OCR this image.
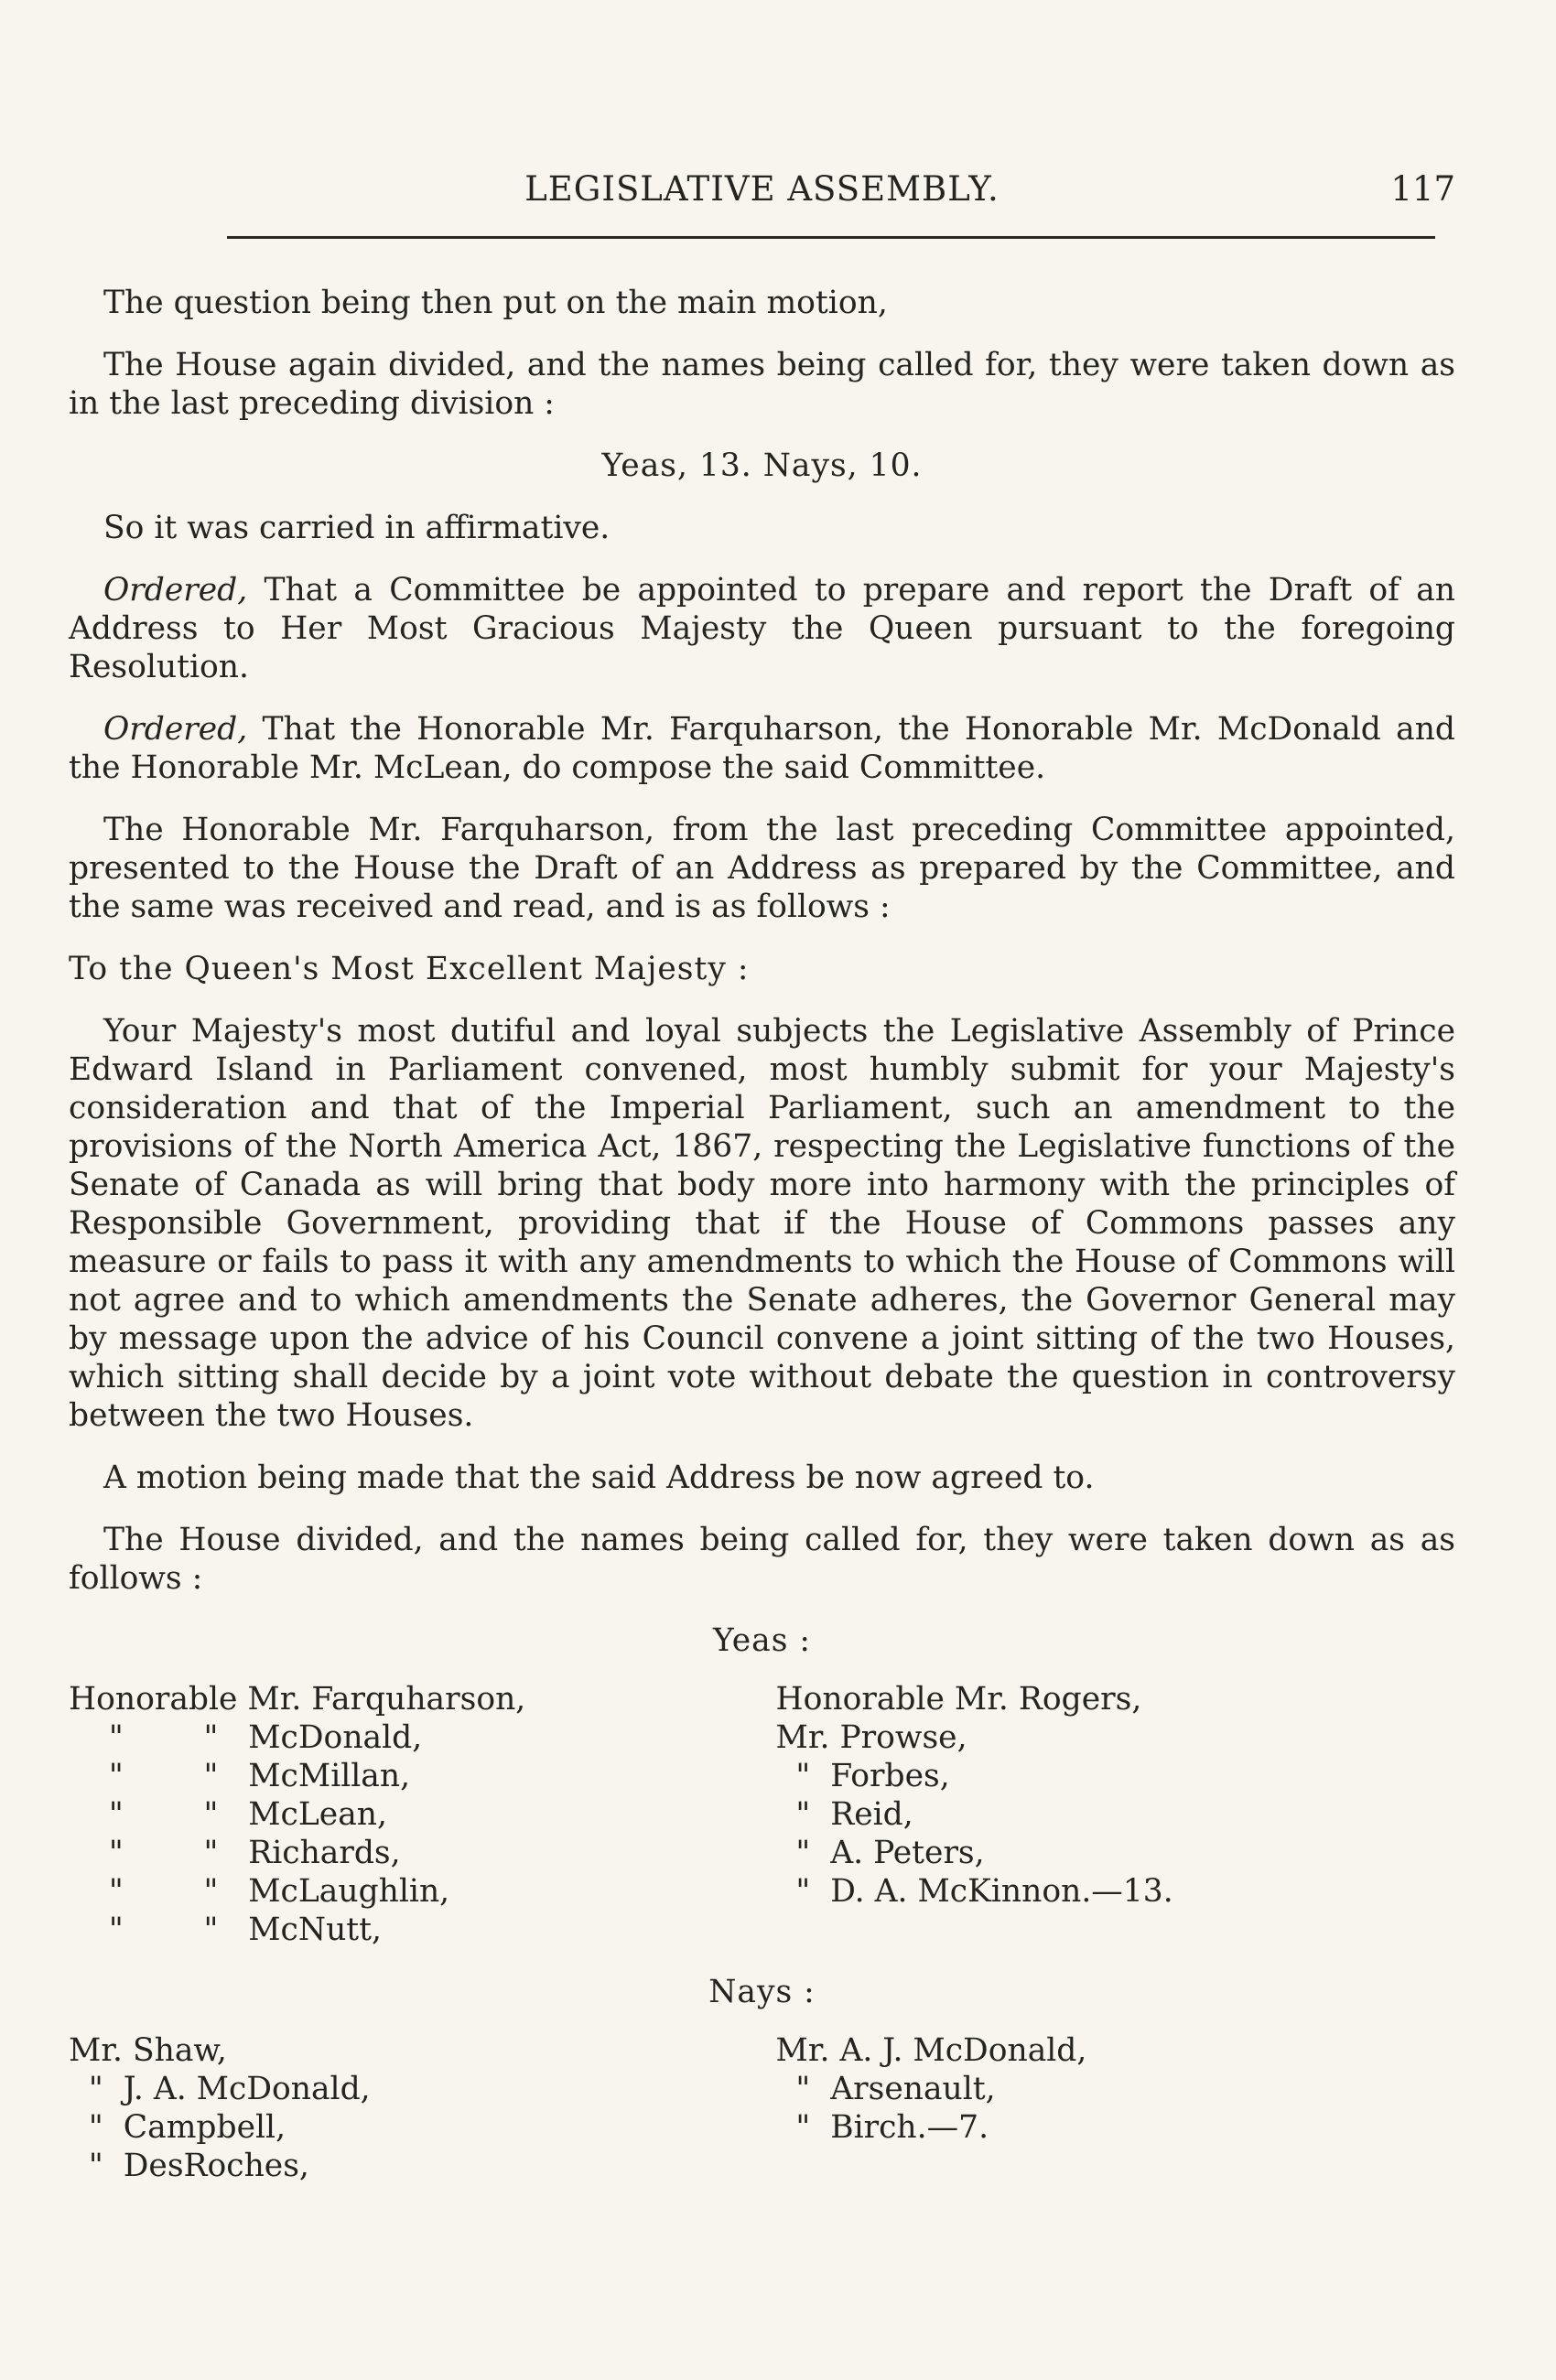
LEGISLATIVE ASSEMBLY.	117

The question being then put on the main motion,

The House again divided, and the names being called for, they were taken down as in the last preceding division :

Yeas, 13. Nays, 10.

So it was carried in affirmative.

Ordered, That a Committee be appointed to prepare and report the Draft of an Address to Her Most Gracious Majesty the Queen pursuant to the foregoing Resolution.

Ordered, That the Honorable Mr. Farquharson, the Honorable Mr. McDonald and the Honorable Mr. McLean, do compose the said Committee.

The Honorable Mr. Farquharson, from the last preceding Committee appointed, presented to the House the Draft of an Address as prepared by the Committee, and the same was received and read, and is as follows :

To the Queen's Most Excellent Majesty :

Your Majesty's most dutiful and loyal subjects the Legislative Assembly of Prince Edward Island in Parliament convened, most humbly submit for your Majesty's consideration and that of the Imperial Parliament, such an amendment to the provisions of the North America Act, 1867, respecting the Legislative functions of the Senate of Canada as will bring that body more into harmony with the principles of Responsible Government, providing that if the House of Commons passes any measure or fails to pass it with any amendments to which the House of Commons will not agree and to which amendments the Senate adheres, the Governor General may by message upon the advice of his Council convene a joint sitting of the two Houses, which sitting shall decide by a joint vote without debate the question in controversy between the two Houses.

A motion being made that the said Address be now agreed to.

The House divided, and the names being called for, they were taken down as as follows :

Yeas :
Honorable Mr. Farquharson,
"        "   McDonald,
"        "   McMillan,
"        "   McLean,
"        "   Richards,
"        "   McLaughlin,
"        "   McNutt,
Honorable Mr. Rogers,
Mr. Prowse,
"  Forbes,
"  Reid,
"  A. Peters,
"  D. A. McKinnon.—13.
Nays :
Mr. Shaw,
"  J. A. McDonald,
"  Campbell,
"  DesRoches,
Mr. A. J. McDonald,
"  Arsenault,
"  Birch.—7.
